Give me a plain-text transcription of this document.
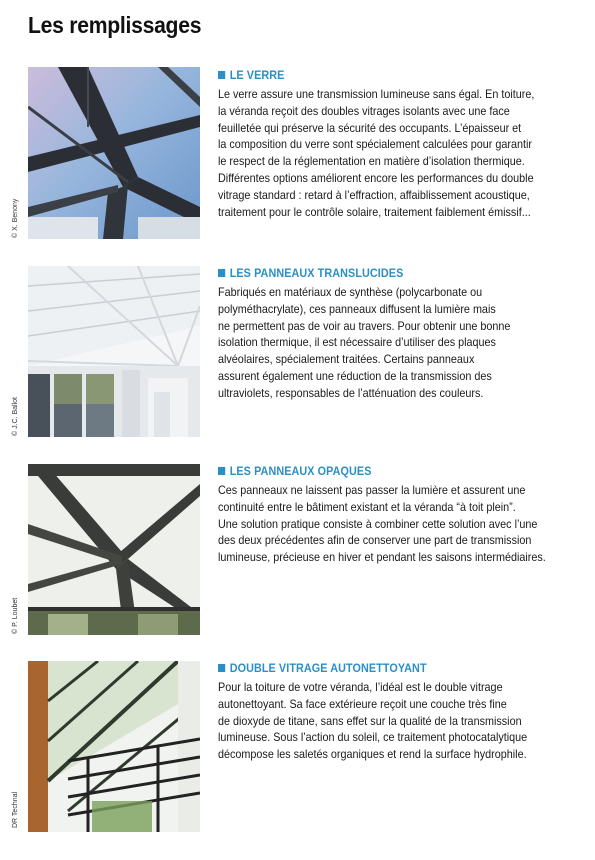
Les remplissages
© X. Benony
LE VERRE
Le verre assure une transmission lumineuse sans égal. En toiture,
la véranda reçoit des doubles vitrages isolants avec une face
feuilletée qui préserve la sécurité des occupants. L’épaisseur et
la composition du verre sont spécialement calculées pour garantir
le respect de la réglementation en matière d’isolation thermique.
Différentes options améliorent encore les performances du double
vitrage standard : retard à l’effraction, affaiblissement acoustique,
traitement pour le contrôle solaire, traitement faiblement émissif...
© J.C. Ballot
LES PANNEAUX TRANSLUCIDES
Fabriqués en matériaux de synthèse (polycarbonate ou
polyméthacrylate), ces panneaux diffusent la lumière mais
ne permettent pas de voir au travers. Pour obtenir une bonne
isolation thermique, il est nécessaire d’utiliser des plaques
alvéolaires, spécialement traitées. Certains panneaux
assurent également une réduction de la transmission des
ultraviolets, responsables de l’atténuation des couleurs.
© P. Loubet
LES PANNEAUX OPAQUES
Ces panneaux ne laissent pas passer la lumière et assurent une
continuité entre le bâtiment existant et la véranda “à toit plein”.
Une solution pratique consiste à combiner cette solution avec l’une
des deux précédentes afin de conserver une part de transmission
lumineuse, précieuse en hiver et pendant les saisons intermédiaires.
DR Technal
DOUBLE VITRAGE AUTONETTOYANT
Pour la toiture de votre véranda, l’idéal est le double vitrage
autonettoyant. Sa face extérieure reçoit une couche très fine
de dioxyde de titane, sans effet sur la qualité de la transmission
lumineuse. Sous l’action du soleil, ce traitement photocatalytique
décompose les saletés organiques et rend la surface hydrophile.
